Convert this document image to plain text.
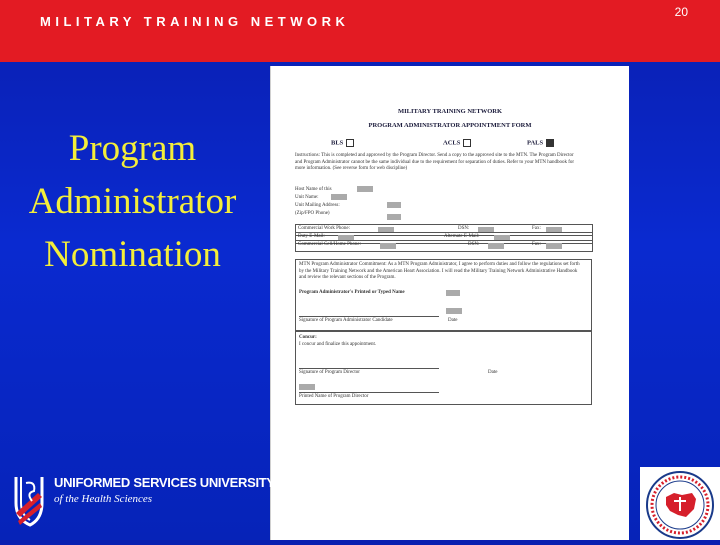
MILITARY TRAINING NETWORK
20
Program
Administrator
Nomination
MILITARY TRAINING NETWORK
PROGRAM ADMINISTRATOR APPOINTMENT FORM
BLS	ACLS	PALS
Instructions: This is completed and approved by the Program Director. Send a copy to the approved site to the MTN. The Program Director and Program Administrator cannot be the same individual due to the requirement for separation of duties. Refer to your MTN handbook for more information. (See reverse form for web discipline)
Host Name of this
Unit Name:
Unit Mailing Address:
(Zip/FPO Phone)
Commercial Work Phone:	DSN:	Fax:
Duty E-Mail:	Alternate E-Mail:
Commercial Cell/Home Phone:	DSN:	Fax:
MTN Program Administrator Commitment: As a MTN Program Administrator, I agree to perform duties and follow the regulations set forth by the Military Training Network and the American Heart Association. I will read the Military Training Network Administrative Handbook and review the relevant sections of the Program.
Program Administrator's Printed or Typed Name
Signature of Program Administrator Candidate	Date
Concur:
I concur and finalize this appointment.
Signature of Program Director	Date
Printed Name of Program Director
UNIFORMED SERVICES UNIVERSITY
of the Health Sciences
